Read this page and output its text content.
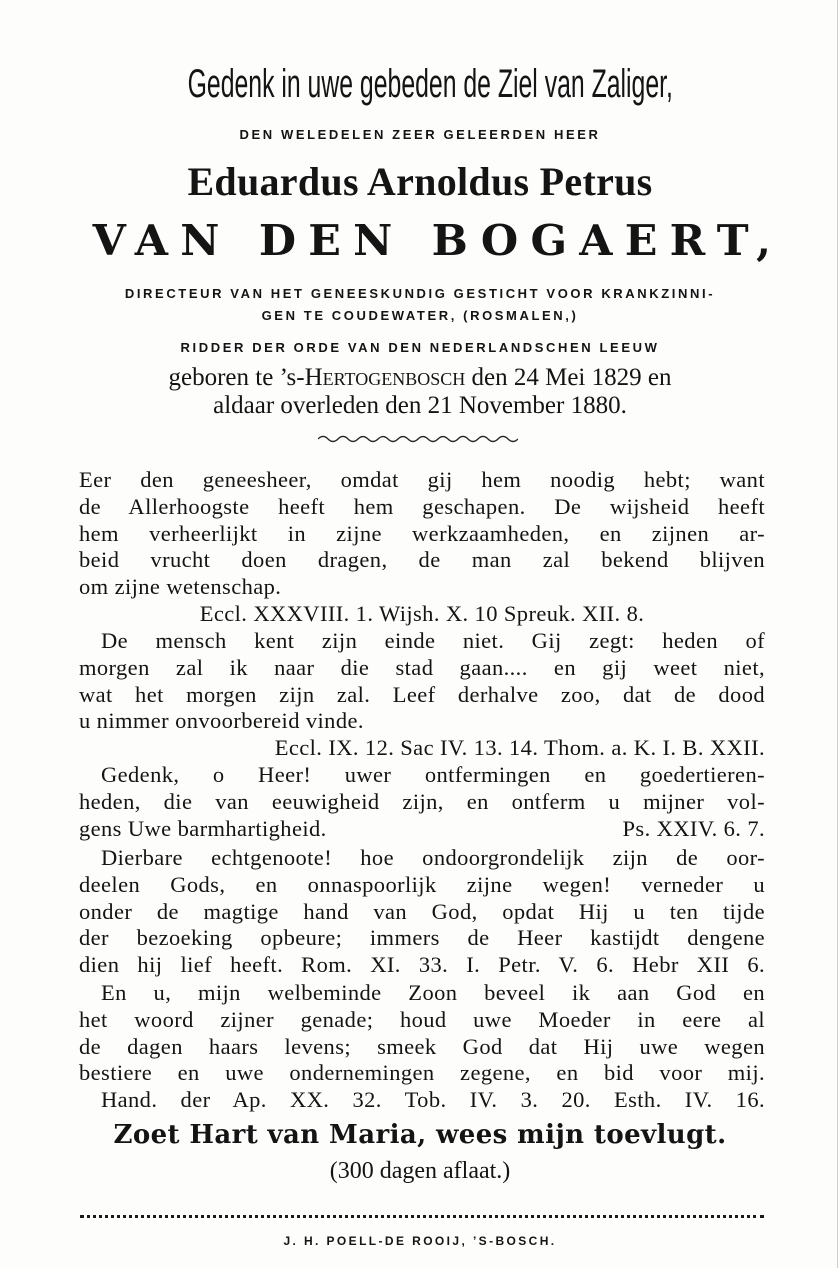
Gedenk in uwe gebeden de Ziel van Zaliger,
DEN WELEDELEN ZEER GELEERDEN HEER
Eduardus Arnoldus Petrus
VAN DEN BOGAERT,
DIRECTEUR VAN HET GENEESKUNDIG GESTICHT VOOR KRANKZINNI-
GEN TE COUDEWATER, (ROSMALEN,)
RIDDER DER ORDE VAN DEN NEDERLANDSCHEN LEEUW
geboren te ’s-Hertogenbosch den 24 Mei 1829 en
aldaar overleden den 21 November 1880.
Eer den geneesheer, omdat gij hem noodig hebt; want
de Allerhoogste heeft hem geschapen. De wijsheid heeft
hem verheerlijkt in zijne werkzaamheden, en zijnen ar-
beid vrucht doen dragen, de man zal bekend blijven
om zijne wetenschap.
Eccl. XXXVIII. 1. Wijsh. X. 10 Spreuk. XII. 8.
De mensch kent zijn einde niet. Gij zegt: heden of
morgen zal ik naar die stad gaan.... en gij weet niet,
wat het morgen zijn zal. Leef derhalve zoo, dat de dood
u nimmer onvoorbereid vinde.
Eccl. IX. 12. Sac IV. 13. 14. Thom. a. K. I. B. XXII.
Gedenk, o Heer! uwer ontfermingen en goedertieren-
heden, die van eeuwigheid zijn, en ontferm u mijner vol-
gens Uwe barmhartigheid.	Ps. XXIV. 6. 7.
Dierbare echtgenoote! hoe ondoorgrondelijk zijn de oor-
deelen Gods, en onnaspoorlijk zijne wegen! verneder u
onder de magtige hand van God, opdat Hij u ten tijde
der bezoeking opbeure; immers de Heer kastijdt dengene
dien hij lief heeft. Rom. XI. 33. I. Petr. V. 6. Hebr XII 6.
En u, mijn welbeminde Zoon beveel ik aan God en
het woord zijner genade; houd uwe Moeder in eere al
de dagen haars levens; smeek God dat Hij uwe wegen
bestiere en uwe ondernemingen zegene, en bid voor mij.
Hand. der Ap. XX. 32. Tob. IV. 3. 20. Esth. IV. 16.
Zoet Hart van Maria, wees mijn toevlugt.
(300 dagen aflaat.)
J. H. POELL-DE ROOIJ, ’S-BOSCH.
